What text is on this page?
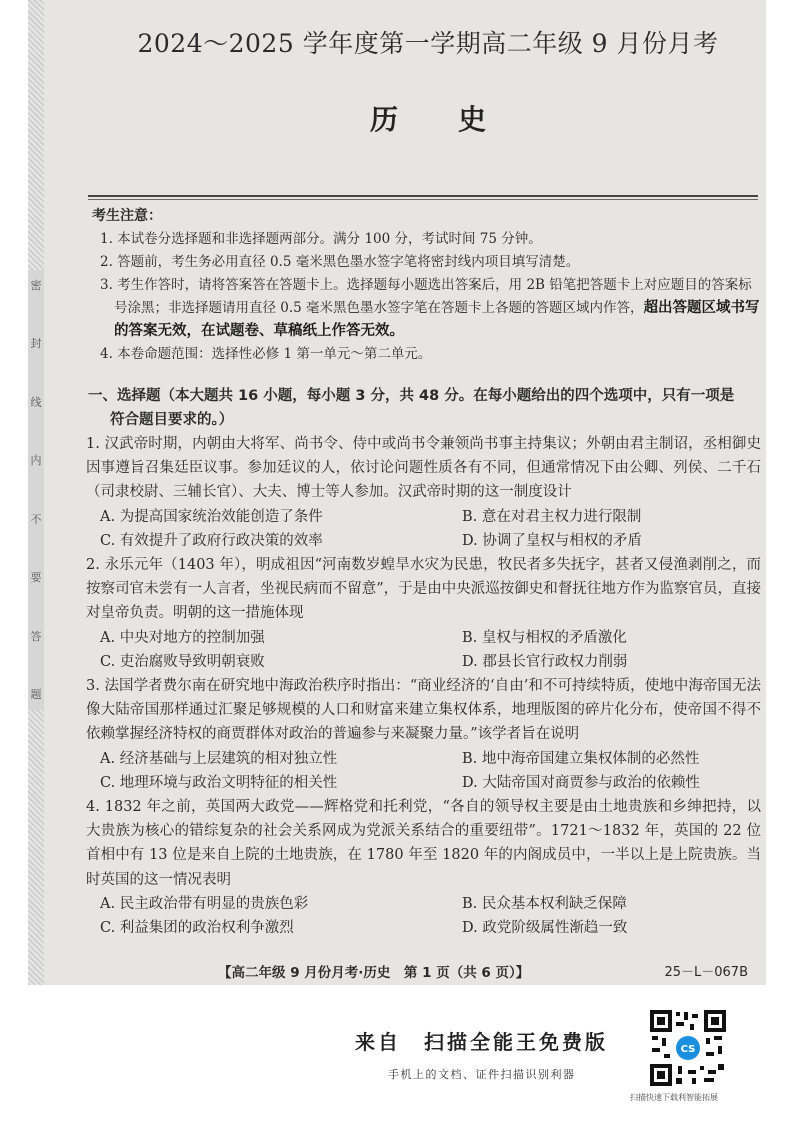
密
封
线
内
不
要
答
题
2024～2025 学年度第一学期高二年级 9 月份月考
历史
考生注意：
1. 本试卷分选择题和非选择题两部分。满分 100 分，考试时间 75 分钟。
2. 答题前，考生务必用直径 0.5 毫米黑色墨水签字笔将密封线内项目填写清楚。
3. 考生作答时，请将答案答在答题卡上。选择题每小题选出答案后，用 2B 铅笔把答题卡上对应题目的答案标号涂黑；非选择题请用直径 0.5 毫米黑色墨水签字笔在答题卡上各题的答题区域内作答，超出答题区域书写的答案无效，在试题卷、草稿纸上作答无效。
4. 本卷命题范围：选择性必修 1 第一单元～第二单元。
一、选择题（本大题共 16 小题，每小题 3 分，共 48 分。在每小题给出的四个选项中，只有一项是
符合题目要求的。）
1. 汉武帝时期，内朝由大将军、尚书令、侍中或尚书令兼领尚书事主持集议；外朝由君主制诏，丞相御史因事遵旨召集廷臣议事。参加廷议的人，依讨论问题性质各有不同，但通常情况下由公卿、列侯、二千石（司隶校尉、三辅长官）、大夫、博士等人参加。汉武帝时期的这一制度设计
A. 为提高国家统治效能创造了条件	B. 意在对君主权力进行限制
C. 有效提升了政府行政决策的效率	D. 协调了皇权与相权的矛盾
2. 永乐元年（1403 年），明成祖因“河南数岁蝗旱水灾为民患，牧民者多失抚字，甚者又侵渔剥削之，而按察司官未尝有一人言者，坐视民病而不留意”，于是由中央派巡按御史和督抚往地方作为监察官员，直接对皇帝负责。明朝的这一措施体现
A. 中央对地方的控制加强	B. 皇权与相权的矛盾激化
C. 吏治腐败导致明朝衰败	D. 郡县长官行政权力削弱
3. 法国学者费尔南在研究地中海政治秩序时指出：“商业经济的‘自由’和不可持续特质，使地中海帝国无法像大陆帝国那样通过汇聚足够规模的人口和财富来建立集权体系，地理版图的碎片化分布，使帝国不得不依赖掌握经济特权的商贾群体对政治的普遍参与来凝聚力量。”该学者旨在说明
A. 经济基础与上层建筑的相对独立性	B. 地中海帝国建立集权体制的必然性
C. 地理环境与政治文明特征的相关性	D. 大陆帝国对商贾参与政治的依赖性
4. 1832 年之前，英国两大政党——辉格党和托利党，“各自的领导权主要是由土地贵族和乡绅把持，以大贵族为核心的错综复杂的社会关系网成为党派关系结合的重要纽带”。1721～1832 年，英国的 22 位首相中有 13 位是来自上院的土地贵族，在 1780 年至 1820 年的内阁成员中，一半以上是上院贵族。当时英国的这一情况表明
A. 民主政治带有明显的贵族色彩	B. 民众基本权利缺乏保障
C. 利益集团的政治权利争激烈	D. 政党阶级属性渐趋一致
【高二年级 9 月份月考·历史　第 1 页（共 6 页）】	25－L－067B
来自　扫描全能王免费版
手机上的文档、证件扫描识别利器
CS
扫描快速下载利智能拓展
